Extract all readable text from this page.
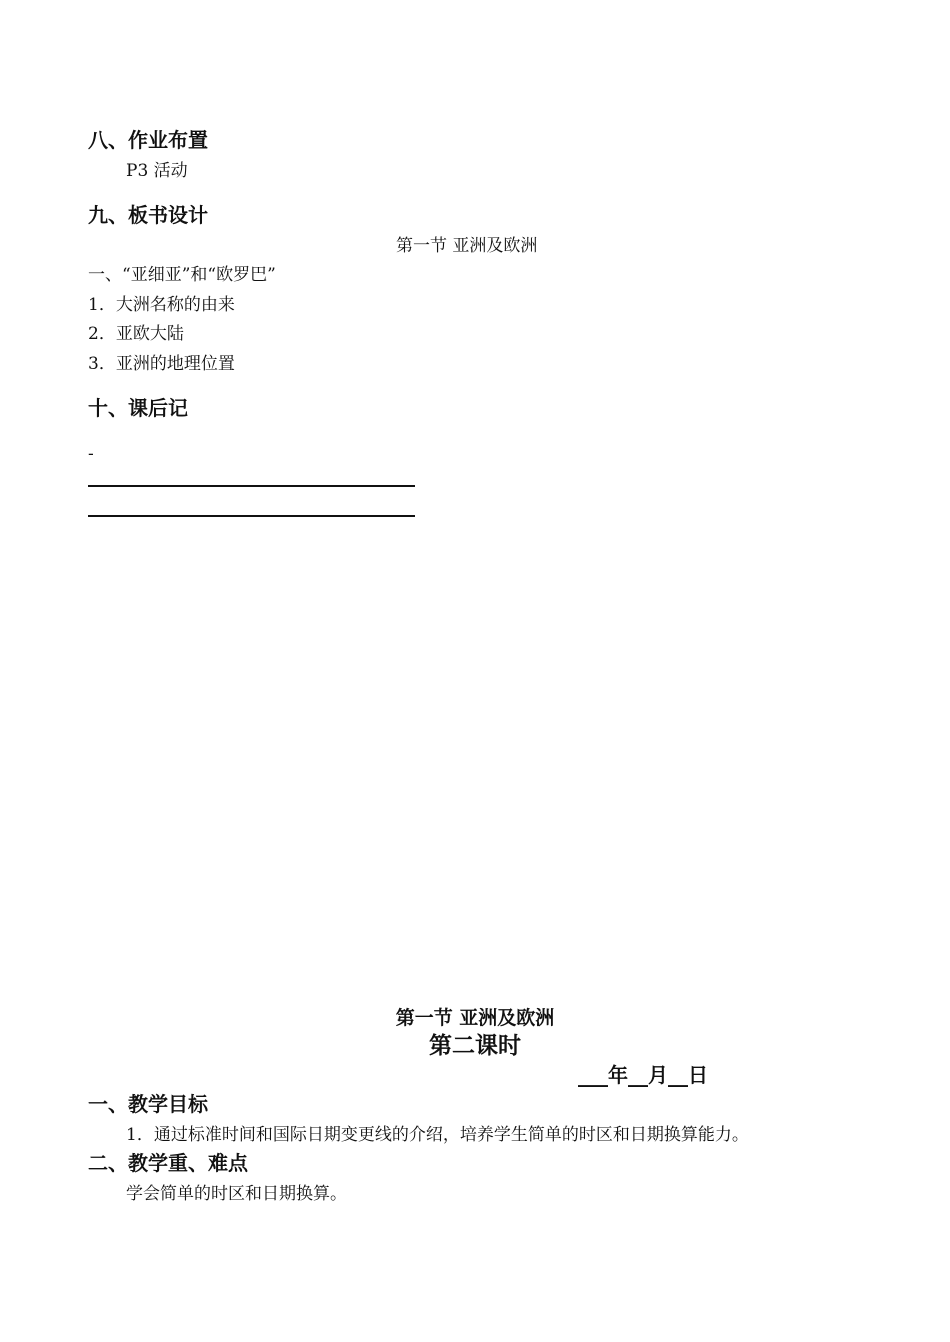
八、作业布置
P3 活动
九、板书设计
第一节 亚洲及欧洲
一、“亚细亚”和“欧罗巴”
1．大洲名称的由来
2．亚欧大陆
3．亚洲的地理位置
十、课后记
-
第一节 亚洲及欧洲
第二课时
___年__月__日
一、教学目标
1．通过标准时间和国际日期变更线的介绍，培养学生简单的时区和日期换算能力。
二、教学重、难点
学会简单的时区和日期换算。
